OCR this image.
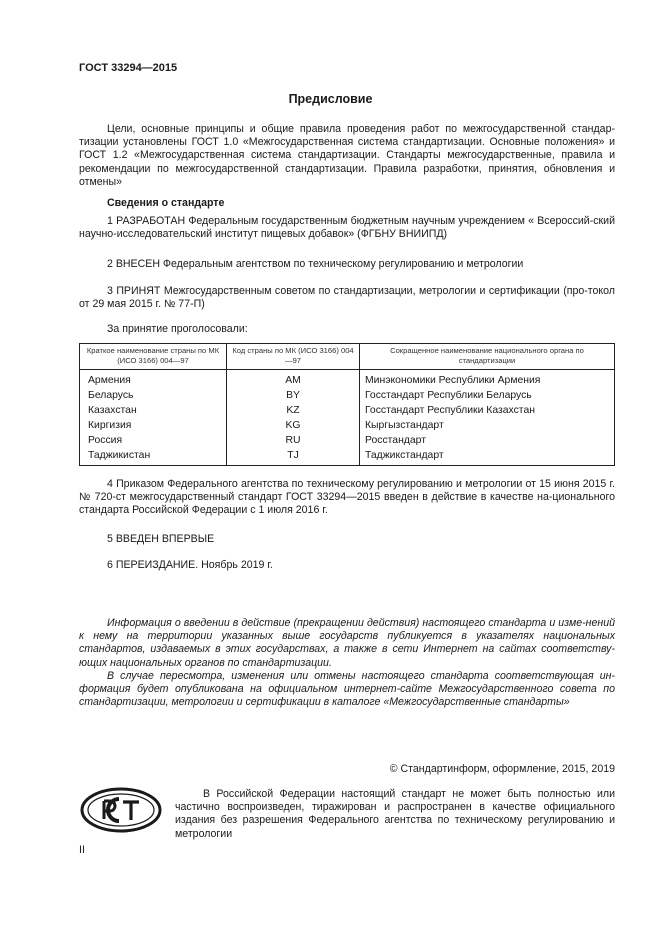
ГОСТ 33294—2015
Предисловие
Цели, основные принципы и общие правила проведения работ по межгосударственной стандар-тизации установлены ГОСТ 1.0 «Межгосударственная система стандартизации. Основные положения» и ГОСТ 1.2 «Межгосударственная система стандартизации. Стандарты межгосударственные, правила и рекомендации по межгосударственной стандартизации. Правила разработки, принятия, обновления и отмены»
Сведения о стандарте
1 РАЗРАБОТАН Федеральным государственным бюджетным научным учреждением « Всероссий-ский научно-исследовательский институт пищевых добавок» (ФГБНУ ВНИИПД)
2 ВНЕСЕН Федеральным агентством по техническому регулированию и метрологии
3 ПРИНЯТ Межгосударственным советом по стандартизации, метрологии и сертификации (про-токол от 29 мая 2015 г. № 77-П)
За принятие проголосовали:
Краткое наименование страны по МК (ИСО 3166) 004—97	Код страны по МК (ИСО 3166) 004—97	Сокращенное наименование национального органа по стандартизации
Армения	AM	Минэкономики Республики Армения
Беларусь	BY	Госстандарт Республики Беларусь
Казахстан	KZ	Госстандарт Республики Казахстан
Киргизия	KG	Кыргызстандарт
Россия	RU	Росстандарт
Таджикистан	TJ	Таджикстандарт
4 Приказом Федерального агентства по техническому регулированию и метрологии от 15 июня 2015 г. № 720-ст межгосударственный стандарт ГОСТ 33294—2015 введен в действие в качестве на-ционального стандарта Российской Федерации с 1 июля 2016 г.
5 ВВЕДЕН ВПЕРВЫЕ
6 ПЕРЕИЗДАНИЕ. Ноябрь 2019 г.
Информация о введении в действие (прекращении действия) настоящего стандарта и изме-нений к нему на территории указанных выше государств публикуется в указателях национальных стандартов, издаваемых в этих государствах, а также в сети Интернет на сайтах соответству-ющих национальных органов по стандартизации.
В случае пересмотра, изменения или отмены настоящего стандарта соответствующая ин-формация будет опубликована на официальном интернет-сайте Межгосударственного совета по стандартизации, метрологии и сертификации в каталоге «Межгосударственные стандарты»
© Стандартинформ, оформление, 2015, 2019
В Российской Федерации настоящий стандарт не может быть полностью или частично воспроизведен, тиражирован и распространен в качестве официального издания без разрешения Федерального агентства по техническому регулированию и метрологии
II
